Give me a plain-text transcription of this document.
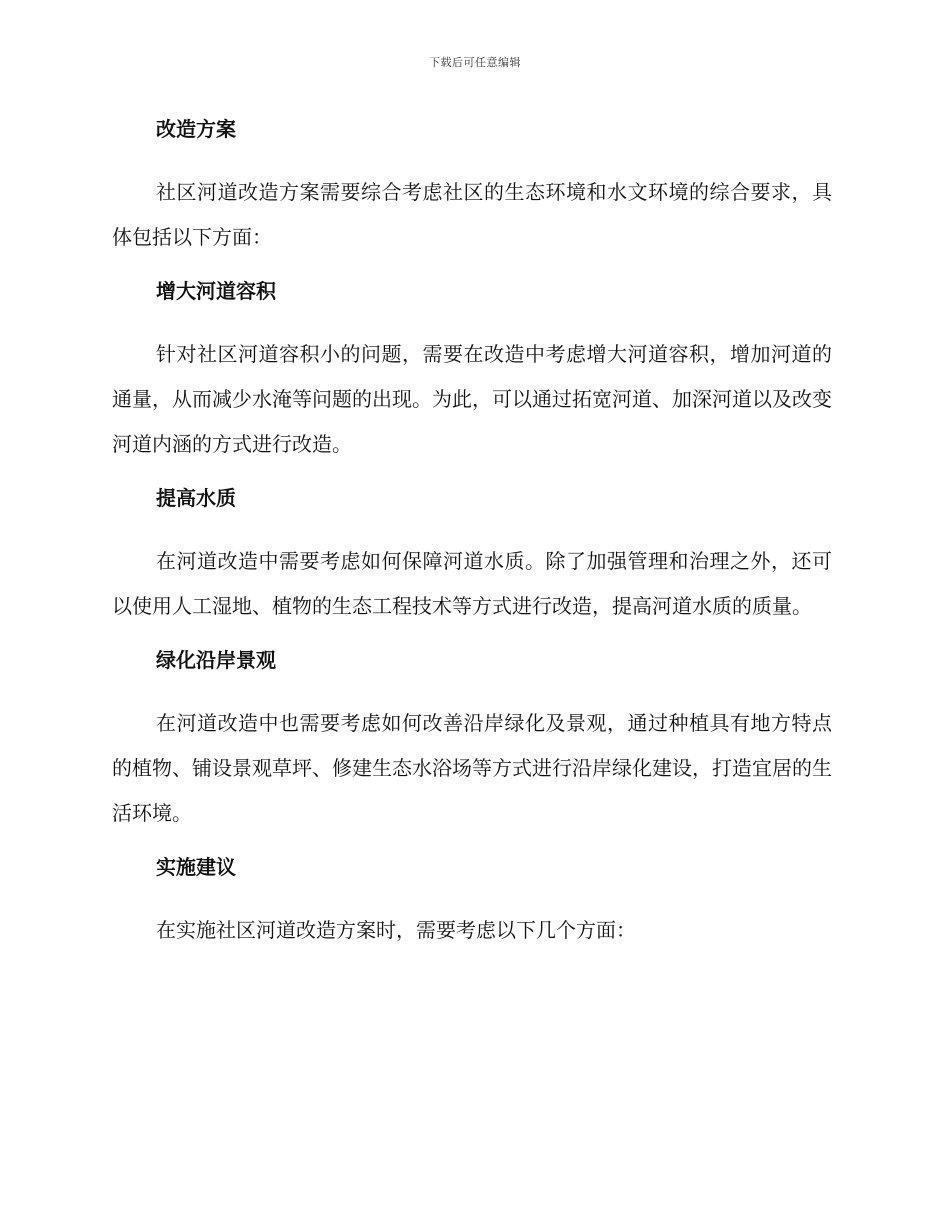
下载后可任意编辑
改造方案

社区河道改造方案需要综合考虑社区的生态环境和水文环境的综合要求，具体包括以下方面：

增大河道容积

针对社区河道容积小的问题，需要在改造中考虑增大河道容积，增加河道的通量，从而减少水淹等问题的出现。为此，可以通过拓宽河道、加深河道以及改变河道内涵的方式进行改造。

提高水质

在河道改造中需要考虑如何保障河道水质。除了加强管理和治理之外，还可以使用人工湿地、植物的生态工程技术等方式进行改造，提高河道水质的质量。

绿化沿岸景观

在河道改造中也需要考虑如何改善沿岸绿化及景观，通过种植具有地方特点的植物、铺设景观草坪、修建生态水浴场等方式进行沿岸绿化建设，打造宜居的生活环境。

实施建议

在实施社区河道改造方案时，需要考虑以下几个方面：
